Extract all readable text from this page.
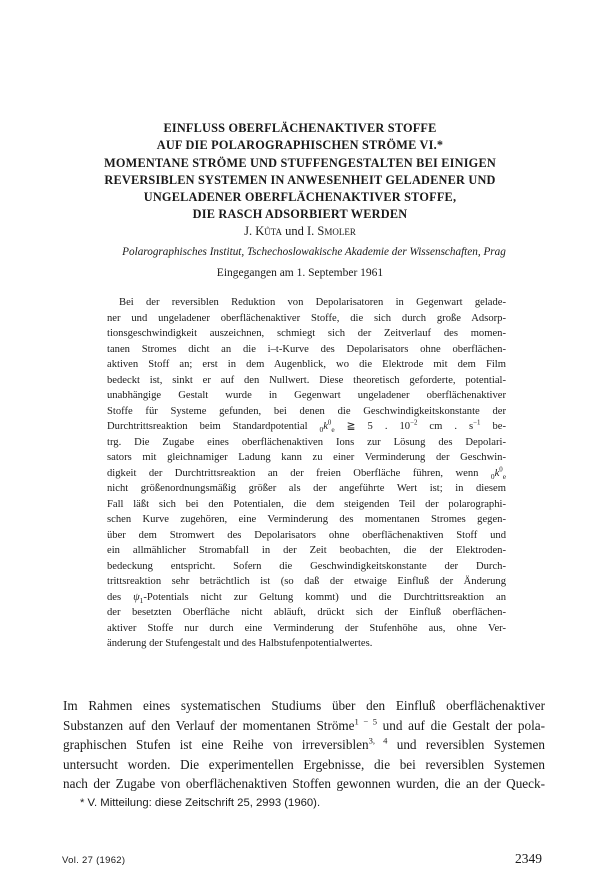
EINFLUSS OBERFLÄCHENAKTIVER STOFFE
AUF DIE POLAROGRAPHISCHEN STRÖME VI.*
MOMENTANE STRÖME UND STUFFENGESTALTEN BEI EINIGEN
REVERSIBLEN SYSTEMEN IN ANWESENHEIT GELADENER UND
UNGELADENER OBERFLÄCHENAKTIVER STOFFE,
DIE RASCH ADSORBIERT WERDEN
J. Kůta und I. Smoler
Polarographisches Institut, Tschechoslowakische Akademie der Wissenschaften, Prag
Eingegangen am 1. September 1961
Bei der reversiblen Reduktion von Depolarisatoren in Gegenwart gelade-
ner und ungeladener oberflächenaktiver Stoffe, die sich durch große Adsorp-
tionsgeschwindigkeit auszeichnen, schmiegt sich der Zeitverlauf des momen-
tanen Stromes dicht an die i–t-Kurve des Depolarisators ohne oberflächen-
aktiven Stoff an; erst in dem Augenblick, wo die Elektrode mit dem Film
bedeckt ist, sinkt er auf den Nullwert. Diese theoretisch geforderte, potential-
unabhängige Gestalt wurde in Gegenwart ungeladener oberflächenaktiver
Stoffe für Systeme gefunden, bei denen die Geschwindigkeitskonstante der
Durchtrittsreaktion beim Standardpotential $_0k^0_e$ ≧ 5 . $10^{-2}$ cm . $s^{-1}$ be-
trg. Die Zugabe eines oberflächenaktiven Ions zur Lösung des Depolari-
sators mit gleichnamiger Ladung kann zu einer Verminderung der Geschwin-
digkeit der Durchtrittsreaktion an der freien Oberfläche führen, wenn $_0k^0_e$
nicht größenordnungsmäßig größer als der angeführte Wert ist; in diesem
Fall läßt sich bei den Potentialen, die dem steigenden Teil der polarographi-
schen Kurve zugehören, eine Verminderung des momentanen Stromes gegen-
über dem Stromwert des Depolarisators ohne oberflächenaktiven Stoff und
ein allmählicher Stromabfall in der Zeit beobachten, die der Elektroden-
bedeckung entspricht. Sofern die Geschwindigkeitskonstante der Durch-
trittsreaktion sehr beträchtlich ist (so daß der etwaige Einfluß der Änderung
des $\psi_1$-Potentials nicht zur Geltung kommt) und die Durchtrittsreaktion an
der besetzten Oberfläche nicht abläuft, drückt sich der Einfluß oberflächen-
aktiver Stoffe nur durch eine Verminderung der Stufenhöhe aus, ohne Ver-
änderung der Stufengestalt und des Halbstufenpotentialwertes.
Im Rahmen eines systematischen Studiums über den Einfluß oberflächenaktiver
Substanzen auf den Verlauf der momentanen Ströme$^{1 - 5}$ und auf die Gestalt der pola-
graphischen Stufen ist eine Reihe von irreversiblen$^{3, 4}$ und reversiblen Systemen
untersucht worden. Die experimentellen Ergebnisse, die bei reversiblen Systemen
nach der Zugabe von oberflächenaktiven Stoffen gewonnen wurden, die an der Queck-
* V. Mitteilung: diese Zeitschrift 25, 2993 (1960).
Vol. 27 (1962)	2349
